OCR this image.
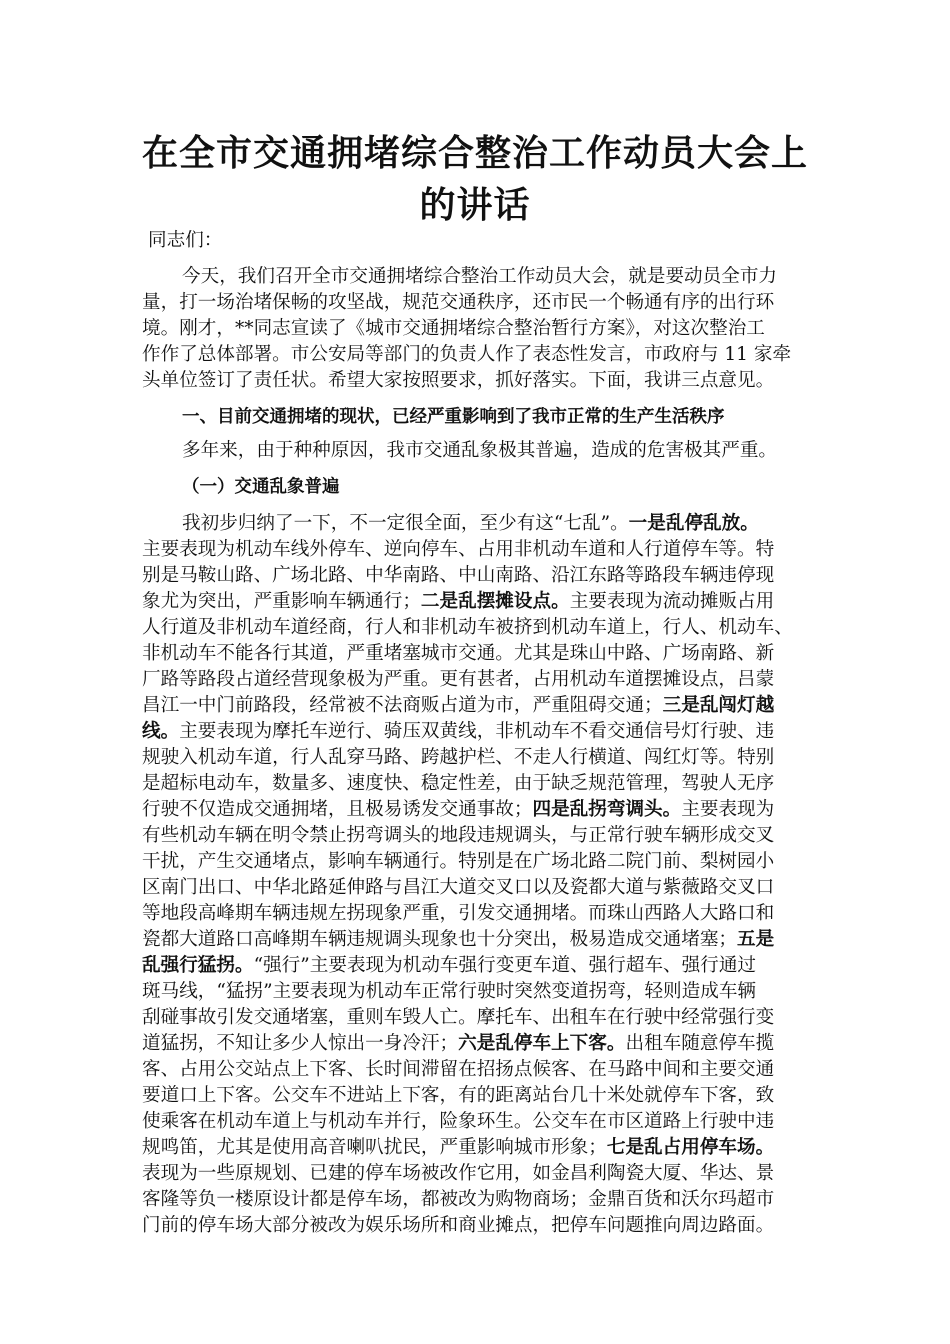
在全市交通拥堵综合整治工作动员大会上
的讲话

同志们：

今天，我们召开全市交通拥堵综合整治工作动员大会，就是要动员全市力

量，打一场治堵保畅的攻坚战，规范交通秩序，还市民一个畅通有序的出行环

境。刚才，**同志宣读了《城市交通拥堵综合整治暂行方案》，对这次整治工

作作了总体部署。市公安局等部门的负责人作了表态性发言，市政府与 11 家牵

头单位签订了责任状。希望大家按照要求，抓好落实。下面，我讲三点意见。

一、目前交通拥堵的现状，已经严重影响到了我市正常的生产生活秩序

多年来，由于种种原因，我市交通乱象极其普遍，造成的危害极其严重。

（一）交通乱象普遍

我初步归纳了一下，不一定很全面，至少有这“七乱”。一是乱停乱放。

主要表现为机动车线外停车、逆向停车、占用非机动车道和人行道停车等。特

别是马鞍山路、广场北路、中华南路、中山南路、沿江东路等路段车辆违停现

象尤为突出，严重影响车辆通行；二是乱摆摊设点。主要表现为流动摊贩占用

人行道及非机动车道经商，行人和非机动车被挤到机动车道上，行人、机动车、

非机动车不能各行其道，严重堵塞城市交通。尤其是珠山中路、广场南路、新

厂路等路段占道经营现象极为严重。更有甚者，占用机动车道摆摊设点，吕蒙

昌江一中门前路段，经常被不法商贩占道为市，严重阻碍交通；三是乱闯灯越

线。主要表现为摩托车逆行、骑压双黄线，非机动车不看交通信号灯行驶、违

规驶入机动车道，行人乱穿马路、跨越护栏、不走人行横道、闯红灯等。特别

是超标电动车，数量多、速度快、稳定性差，由于缺乏规范管理，驾驶人无序

行驶不仅造成交通拥堵，且极易诱发交通事故；四是乱拐弯调头。主要表现为

有些机动车辆在明令禁止拐弯调头的地段违规调头，与正常行驶车辆形成交叉

干扰，产生交通堵点，影响车辆通行。特别是在广场北路二院门前、梨树园小

区南门出口、中华北路延伸路与昌江大道交叉口以及瓷都大道与紫薇路交叉口

等地段高峰期车辆违规左拐现象严重，引发交通拥堵。而珠山西路人大路口和

瓷都大道路口高峰期车辆违规调头现象也十分突出，极易造成交通堵塞；五是

乱强行猛拐。“强行”主要表现为机动车强行变更车道、强行超车、强行通过

斑马线，“猛拐”主要表现为机动车正常行驶时突然变道拐弯，轻则造成车辆

刮碰事故引发交通堵塞，重则车毁人亡。摩托车、出租车在行驶中经常强行变

道猛拐，不知让多少人惊出一身冷汗；六是乱停车上下客。出租车随意停车揽

客、占用公交站点上下客、长时间滞留在招扬点候客、在马路中间和主要交通

要道口上下客。公交车不进站上下客，有的距离站台几十米处就停车下客，致

使乘客在机动车道上与机动车并行，险象环生。公交车在市区道路上行驶中违

规鸣笛，尤其是使用高音喇叭扰民，严重影响城市形象；七是乱占用停车场。

表现为一些原规划、已建的停车场被改作它用，如金昌利陶瓷大厦、华达、景

客隆等负一楼原设计都是停车场，都被改为购物商场；金鼎百货和沃尔玛超市

门前的停车场大部分被改为娱乐场所和商业摊点，把停车问题推向周边路面。
